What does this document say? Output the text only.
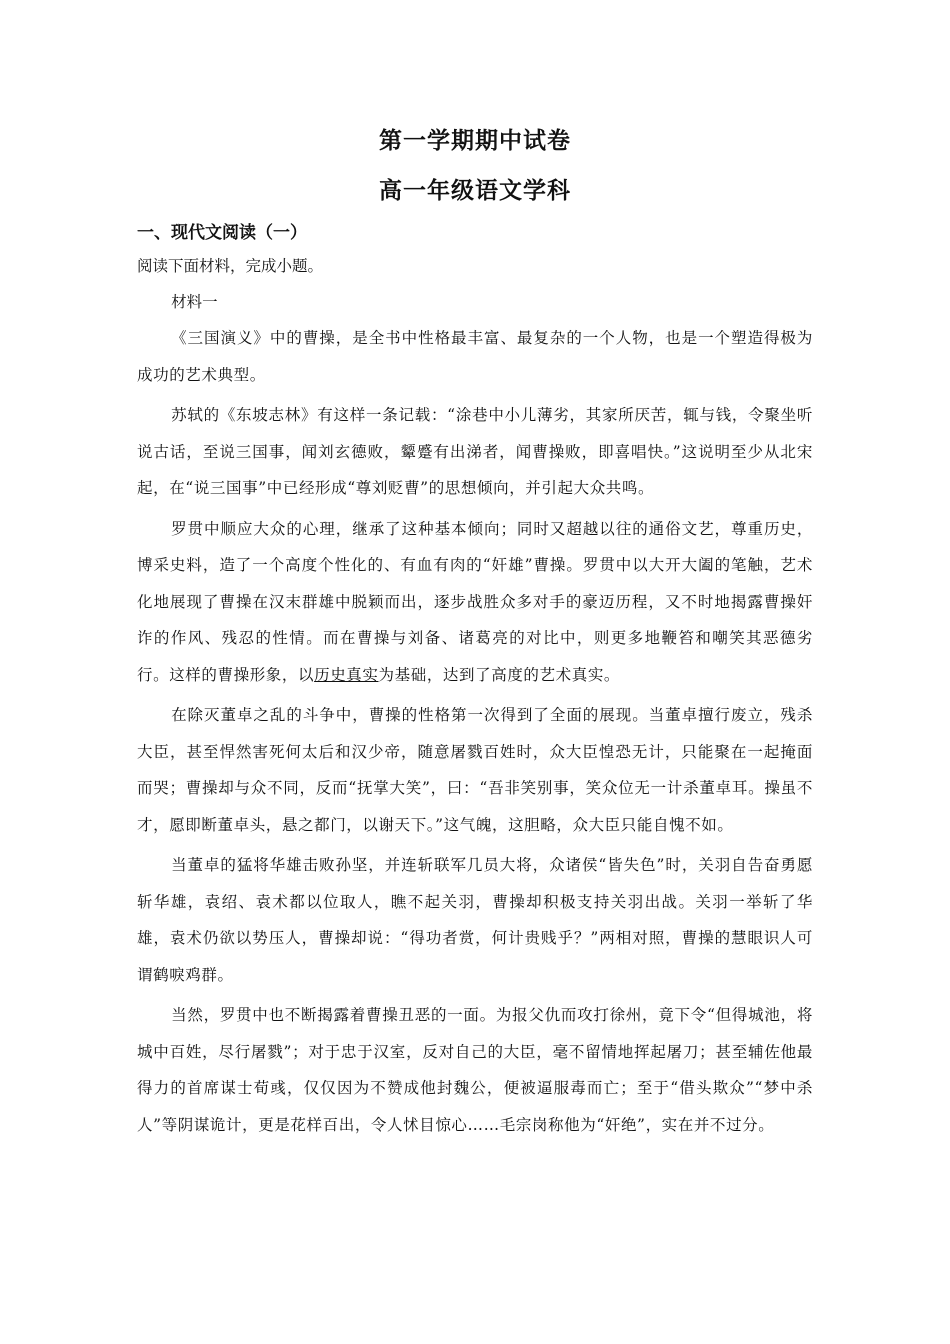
第一学期期中试卷
高一年级语文学科
一、现代文阅读（一）

阅读下面材料，完成小题。

材料一

《三国演义》中的曹操，是全书中性格最丰富、最复杂的一个人物，也是一个塑造得极为成功的艺术典型。

苏轼的《东坡志林》有这样一条记载：“涂巷中小儿薄劣，其家所厌苦，辄与钱，令聚坐听说古话，至说三国事，闻刘玄德败，颦蹙有出涕者，闻曹操败，即喜唱快。”这说明至少从北宋起，在“说三国事”中已经形成“尊刘贬曹”的思想倾向，并引起大众共鸣。

罗贯中顺应大众的心理，继承了这种基本倾向；同时又超越以往的通俗文艺，尊重历史，博采史料，造了一个高度个性化的、有血有肉的“奸雄”曹操。罗贯中以大开大阖的笔触，艺术化地展现了曹操在汉末群雄中脱颖而出，逐步战胜众多对手的豪迈历程，又不时地揭露曹操奸诈的作风、残忍的性情。而在曹操与刘备、诸葛亮的对比中，则更多地鞭笞和嘲笑其恶德劣行。这样的曹操形象，以历史真实为基础，达到了高度的艺术真实。

在除灭董卓之乱的斗争中，曹操的性格第一次得到了全面的展现。当董卓擅行废立，残杀大臣，甚至悍然害死何太后和汉少帝，随意屠戮百姓时，众大臣惶恐无计，只能聚在一起掩面而哭；曹操却与众不同，反而“抚掌大笑”，曰：“吾非笑别事，笑众位无一计杀董卓耳。操虽不才，愿即断董卓头，悬之都门，以谢天下。”这气魄，这胆略，众大臣只能自愧不如。

当董卓的猛将华雄击败孙坚，并连斩联军几员大将，众诸侯“皆失色”时，关羽自告奋勇愿斩华雄，袁绍、袁术都以位取人，瞧不起关羽，曹操却积极支持关羽出战。关羽一举斩了华雄，袁术仍欲以势压人，曹操却说：“得功者赏，何计贵贱乎？”两相对照，曹操的慧眼识人可谓鹤唳鸡群。

当然，罗贯中也不断揭露着曹操丑恶的一面。为报父仇而攻打徐州，竟下令“但得城池，将城中百姓，尽行屠戮”；对于忠于汉室，反对自己的大臣，毫不留情地挥起屠刀；甚至辅佐他最得力的首席谋士荀彧，仅仅因为不赞成他封魏公，便被逼服毒而亡；至于“借头欺众”“梦中杀人”等阴谋诡计，更是花样百出，令人怵目惊心……毛宗岗称他为“奸绝”，实在并不过分。
